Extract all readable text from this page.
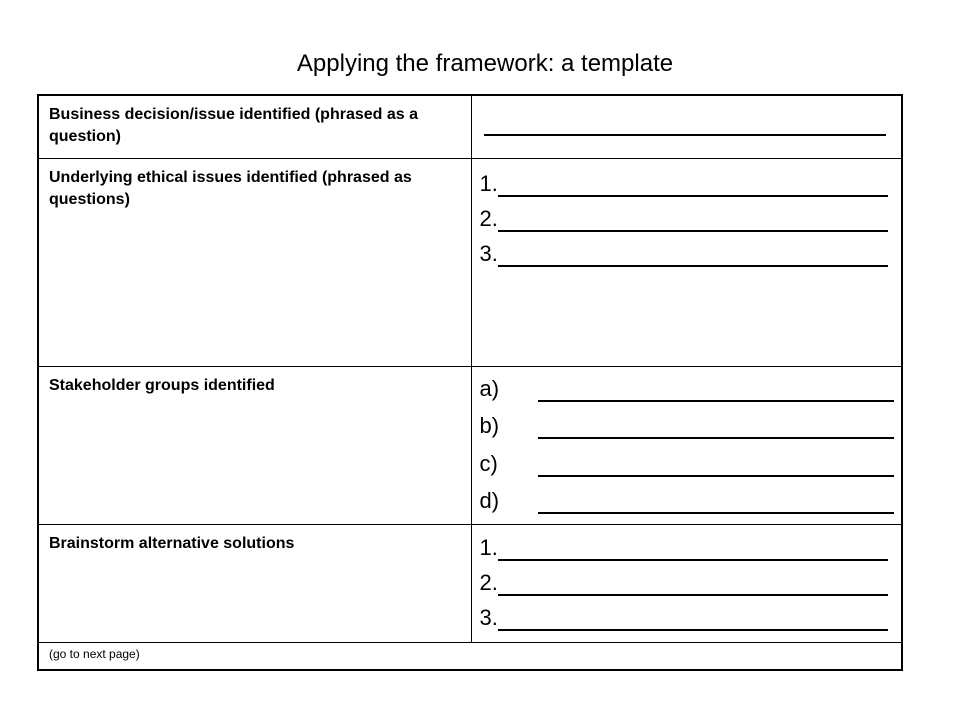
Applying the framework: a template
Business decision/issue identified (phrased as a question)	

Underlying ethical issues identified (phrased as questions)	1.
2.
3.

Stakeholder groups identified	a)
b)
c)
d)

Brainstorm alternative solutions	1.
2.
3.

(go to next page)	
